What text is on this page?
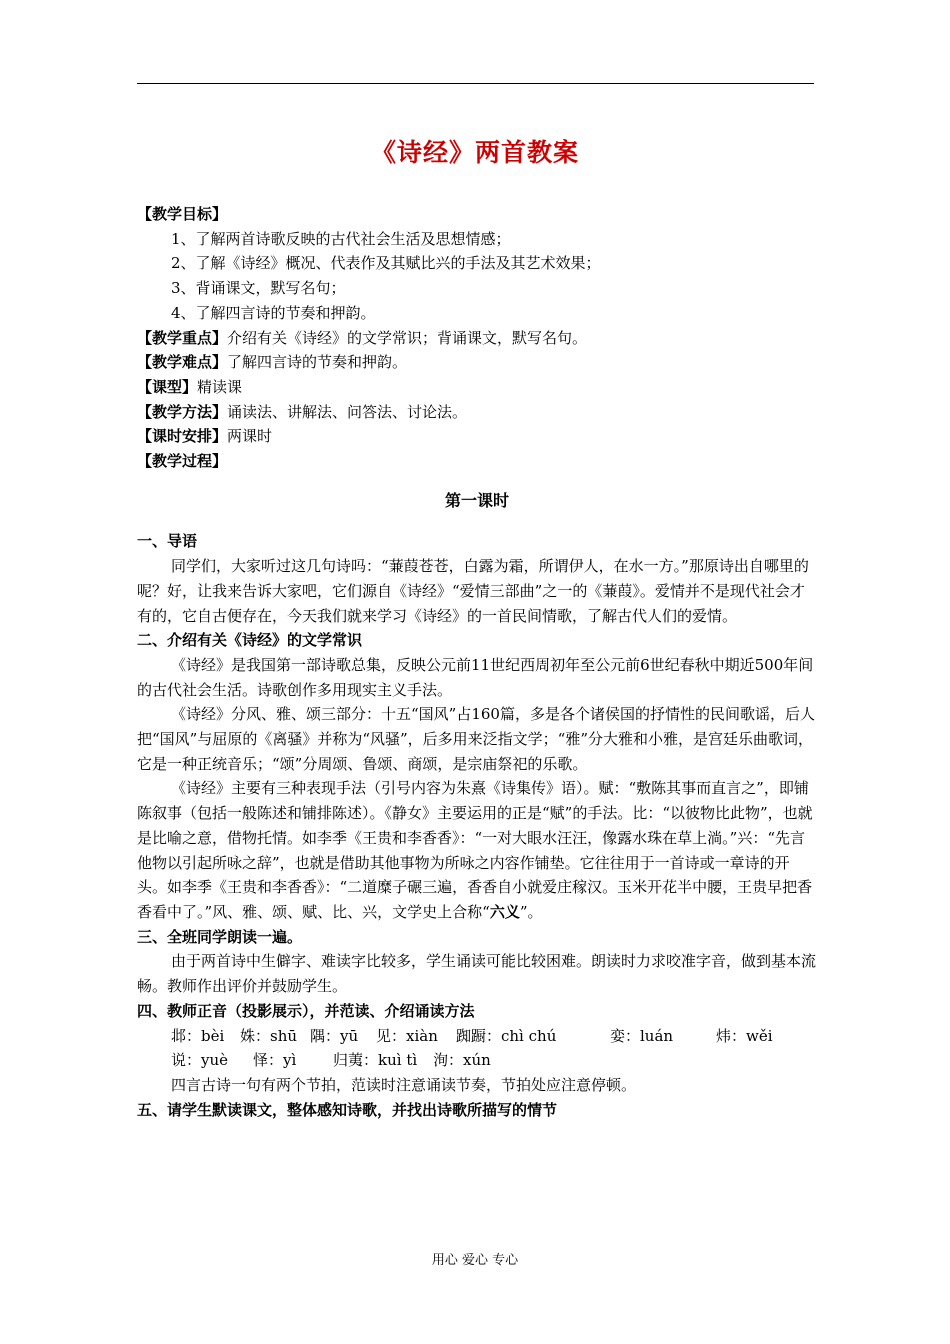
《诗经》两首教案

【教学目标】

1、了解两首诗歌反映的古代社会生活及思想情感；

2、了解《诗经》概况、代表作及其赋比兴的手法及其艺术效果；

3、背诵课文，默写名句；

4、了解四言诗的节奏和押韵。

【教学重点】介绍有关《诗经》的文学常识；背诵课文，默写名句。

【教学难点】了解四言诗的节奏和押韵。

【课型】精读课

【教学方法】诵读法、讲解法、问答法、讨论法。

【课时安排】两课时

【教学过程】

第一课时

一、导语

同学们，大家听过这几句诗吗：“蒹葭苍苍，白露为霜，所谓伊人，在水一方。”那原诗出自哪里的呢？好，让我来告诉大家吧，它们源自《诗经》“爱情三部曲”之一的《蒹葭》。爱情并不是现代社会才有的，它自古便存在，今天我们就来学习《诗经》的一首民间情歌，了解古代人们的爱情。

二、介绍有关《诗经》的文学常识

《诗经》是我国第一部诗歌总集，反映公元前11世纪西周初年至公元前6世纪春秋中期近500年间的古代社会生活。诗歌创作多用现实主义手法。

《诗经》分风、雅、颂三部分：十五“国风”占160篇，多是各个诸侯国的抒情性的民间歌谣，后人把“国风”与屈原的《离骚》并称为“风骚”，后多用来泛指文学；“雅”分大雅和小雅，是宫廷乐曲歌词，它是一种正统音乐；“颂”分周颂、鲁颂、商颂，是宗庙祭祀的乐歌。

《诗经》主要有三种表现手法（引号内容为朱熹《诗集传》语）。赋：“敷陈其事而直言之”，即铺陈叙事（包括一般陈述和铺排陈述）。《静女》主要运用的正是“赋”的手法。比：“以彼物比此物”，也就是比喻之意，借物托情。如李季《王贵和李香香》：“一对大眼水汪汪，像露水珠在草上淌。”兴：“先言他物以引起所咏之辞”，也就是借助其他事物为所咏之内容作铺垫。它往往用于一首诗或一章诗的开头。如李季《王贵和李香香》：“二道糜子碾三遍，香香自小就爱庄稼汉。玉米开花半中腰，王贵早把香香看中了。”风、雅、颂、赋、比、兴，文学史上合称“六义”。

三、全班同学朗读一遍。

由于两首诗中生僻字、难读字比较多，学生诵读可能比较困难。朗读时力求咬准字音，做到基本流畅。教师作出评价并鼓励学生。

四、教师正音（投影展示），并范读、介绍诵读方法

邶：bèi	姝：shū 隅：yū	见：xiàn	踟蹰：chì chú	娈：luán	炜：wěi
说：yuè	怿：yì	归荑：kuì tì	洵：xún

四言古诗一句有两个节拍，范读时注意诵读节奏，节拍处应注意停顿。

五、请学生默读课文，整体感知诗歌，并找出诗歌所描写的情节

用心 爱心 专心
